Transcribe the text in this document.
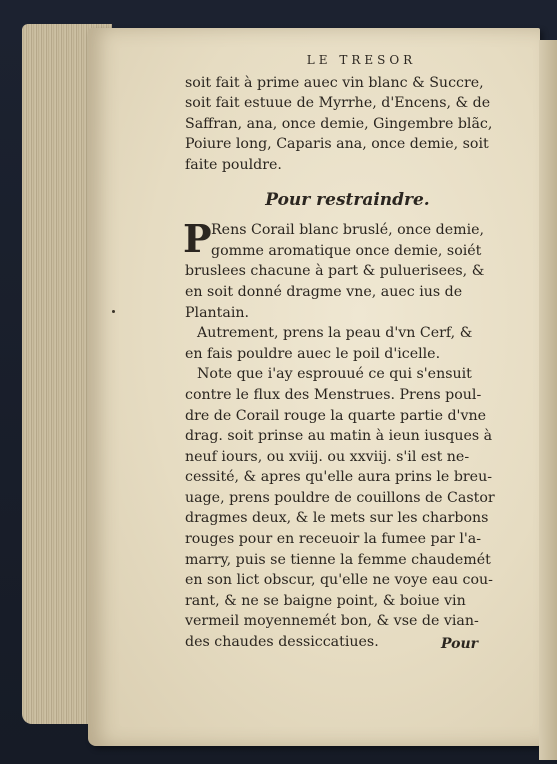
LE TRESOR
soit fait à prime auec vin blanc & Succre,
soit fait estuue de Myrrhe, d'Encens, & de
Saffran, ana, once demie, Gingembre blãc,
Poiure long, Caparis ana, once demie, soit
faite pouldre.
Pour restraindre.
P Rens Corail blanc bruslé, once demie,
gomme aromatique once demie, soiét
bruslees chacune à part & puluerisees, &
en soit donné dragme vne, auec ius de
Plantain.
Autrement, prens la peau d'vn Cerf, &
en fais pouldre auec le poil d'icelle.
Note que i'ay esprouué ce qui s'ensuit
contre le flux des Menstrues. Prens poul-
dre de Corail rouge la quarte partie d'vne
drag. soit prinse au matin à ieun iusques à
neuf iours, ou xviij. ou xxviij. s'il est ne-
cessité, & apres qu'elle aura prins le breu-
uage, prens pouldre de couillons de Castor
dragmes deux, & le mets sur les charbons
rouges pour en receuoir la fumee par l'a-
marry, puis se tienne la femme chaudemét
en son lict obscur, qu'elle ne voye eau cou-
rant, & ne se baigne point, & boiue vin
vermeil moyennemét bon, & vse de vian-
des chaudes dessiccatiues.	Pour
